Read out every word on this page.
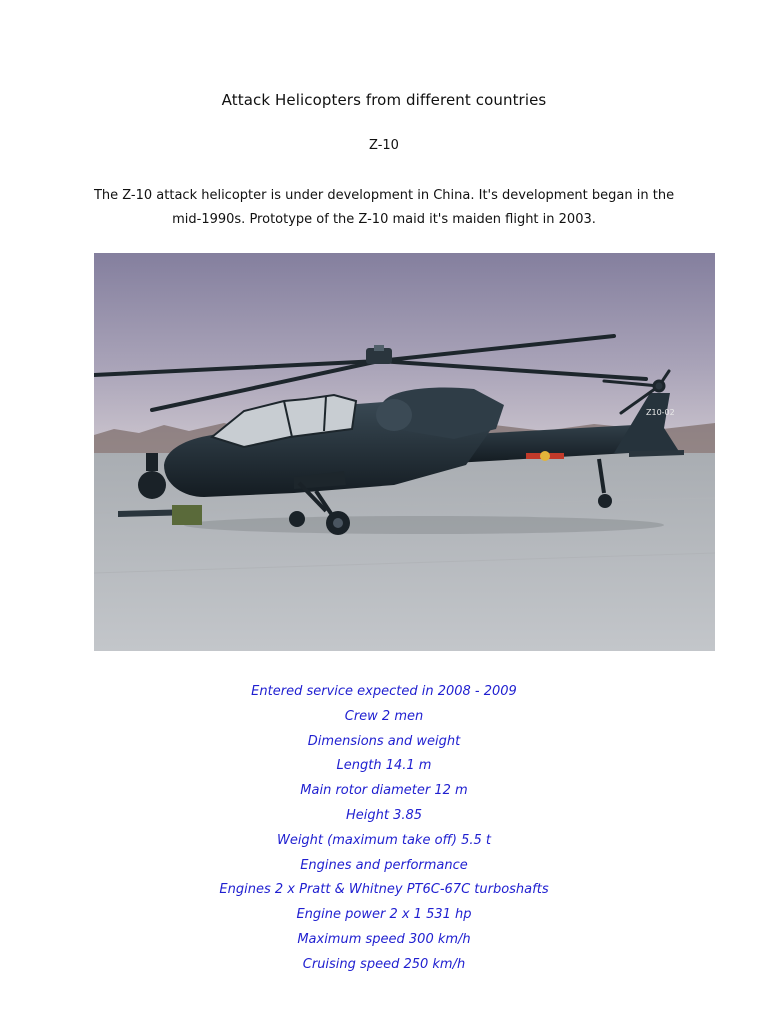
Attack Helicopters from different countries
Z-10
The Z-10 attack helicopter is under development in China. It's development began in the mid-1990s. Prototype of the Z-10 maid it's maiden flight in 2003.
Z10-02
Entered service expected in 2008 - 2009
Crew 2 men
Dimensions and weight
Length 14.1 m
Main rotor diameter 12 m
Height 3.85
Weight (maximum take off) 5.5 t
Engines and performance
Engines 2 x Pratt & Whitney PT6C-67C turboshafts
Engine power 2 x 1 531 hp
Maximum speed 300 km/h
Cruising speed 250 km/h
